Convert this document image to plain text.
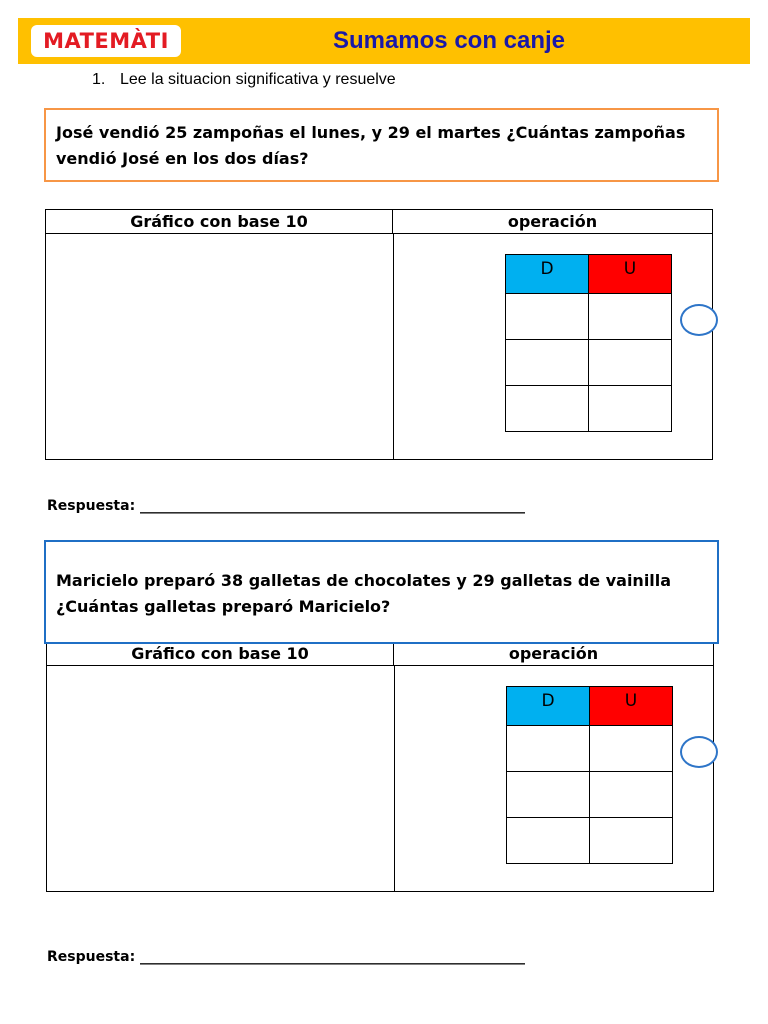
MATEMÀTI	Sumamos con canje
1. Lee la situacion significativa y resuelve
José vendió 25 zampoñas el lunes, y 29 el martes ¿Cuántas zampoñas
vendió José en los dos días?
Gráfico con base 10	operación
D	U

Respuesta: _______________________________________________________
Maricielo preparó 38 galletas de chocolates y 29 galletas de vainilla
¿Cuántas galletas preparó Maricielo?
Gráfico con base 10	operación
D	U

Respuesta: _______________________________________________________
